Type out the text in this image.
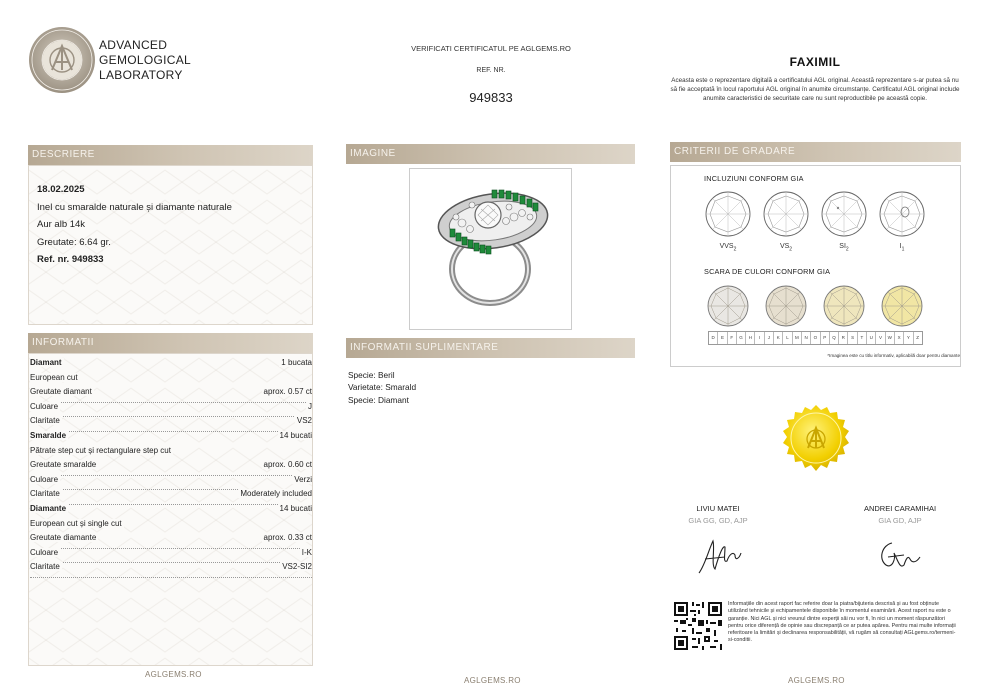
ADVANCED
GEMOLOGICAL
LABORATORY
VERIFICATI CERTIFICATUL PE AGLGEMS.RO
REF. NR.
949833
FAXIMIL
Aceasta este o reprezentare digitală a certificatului AGL original. Această reprezentare s-ar putea să nu să fie acceptată în locul raportului AGL original în anumite circumstanțe. Certificatul AGL original include anumite caracteristici de securitate care nu sunt reproductibile pe această copie.
DESCRIERE
18.02.2025
Inel cu smaralde naturale și diamante naturale
Aur alb 14k
Greutate: 6.64 gr.
Ref. nr. 949833
INFORMATII
Diamant	1 bucata
European cut
Greutate diamant	aprox. 0.57 ct
Culoare	J
Claritate	VS2
Smaralde	14 bucati
Pătrate step cut și rectangulare step cut
Greutate smaralde	aprox. 0.60 ct
Culoare	Verzi
Claritate	Moderately included
Diamante	14 bucati
European cut și single cut
Greutate diamante	aprox. 0.33 ct
Culoare	I-K
Claritate	VS2-SI2
IMAGINE
INFORMATII SUPLIMENTARE
Specie: Beril
Varietate: Smarald
Specie: Diamant
CRITERII DE GRADARE
INCLUZIUNI CONFORM GIA
$VVS_2$	$VS_2$	$SI_2$	$I_1$
SCARA DE CULORI CONFORM GIA
D	E	F	G	H	I	J	K	L	M	N	O	P	Q	R	S	T	U	V	W	X	Y	Z
*Imaginea este cu titlu informativ, aplicabilă doar pentru diamante
LIVIU MATEI
GIA GG, GD, AJP
ANDREI CARAMIHAI
GIA GD, AJP
Informațiile din acest raport fac referire doar la piatra/bijuteria descrisă și au fost obținute utilizând tehnicile și echipamentele disponibile în momentul examinării. Acest raport nu este o garanție. Nici AGL și nici vreunul dintre experții săi nu vor fi, în nici un moment răspunzători pentru orice diferență de opinie sau discrepanță ce ar putea apărea. Pentru mai multe informații referitoare la limitări și declinarea responsabilității, vă rugăm să consultați AGLgems.ro/termeni-si-conditii.
AGLGEMS.RO
AGLGEMS.RO	AGLGEMS.RO
